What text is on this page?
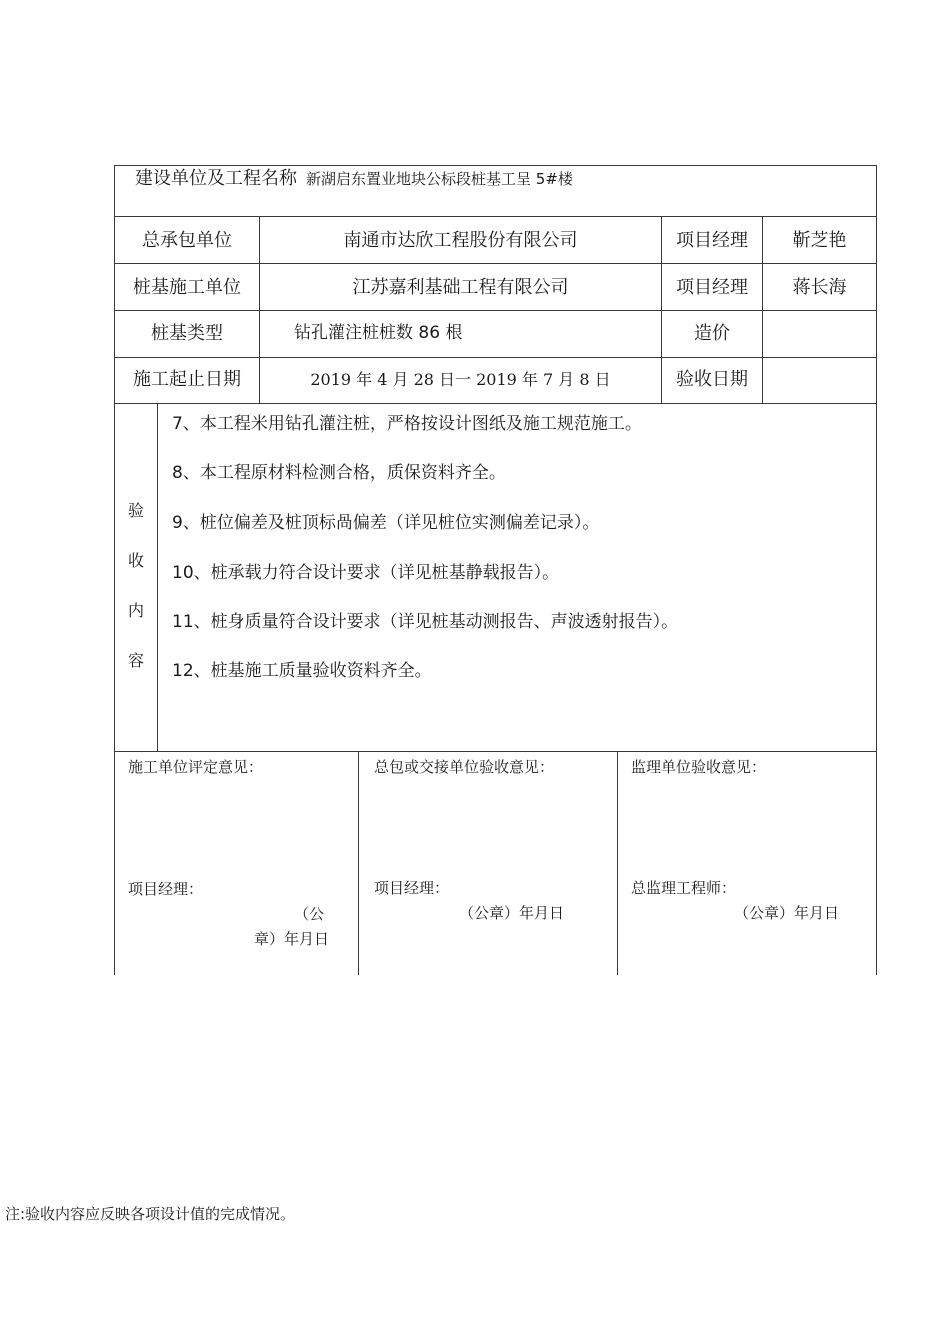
建设单位及工程名称 新湖启东置业地块公标段桩基工呈 5#楼
总承包单位	南通市达欣工程股份有限公司	项目经理	靳芝艳
桩基施工单位	江苏嘉利基础工程有限公司	项目经理	蒋长海
桩基类型	钻孔灌注桩桩数 86 根	造价
施工起止日期	2019 年 4 月 28 日一 2019 年 7 月 8 日	验收日期
验
收
内
容
7、本工程米用钻孔灌注桩，严格按设计图纸及施工规范施工。
8、本工程原材料检测合格，质保资料齐全。
9、桩位偏差及桩顶标咼偏差（详见桩位实测偏差记录）。
10、桩承载力符合设计要求（详见桩基静载报告）。
11、桩身质量符合设计要求（详见桩基动测报告、声波透射报告）。
12、桩基施工质量验收资料齐全。
施工单位评定意见：
项目经理：
（公
章）年月日
总包或交接单位验收意见：
项目经理：
（公章）年月日
监理单位验收意见：
总监理工程师：
（公章）年月日
注:验收内容应反映各项设计值的完成情况。
